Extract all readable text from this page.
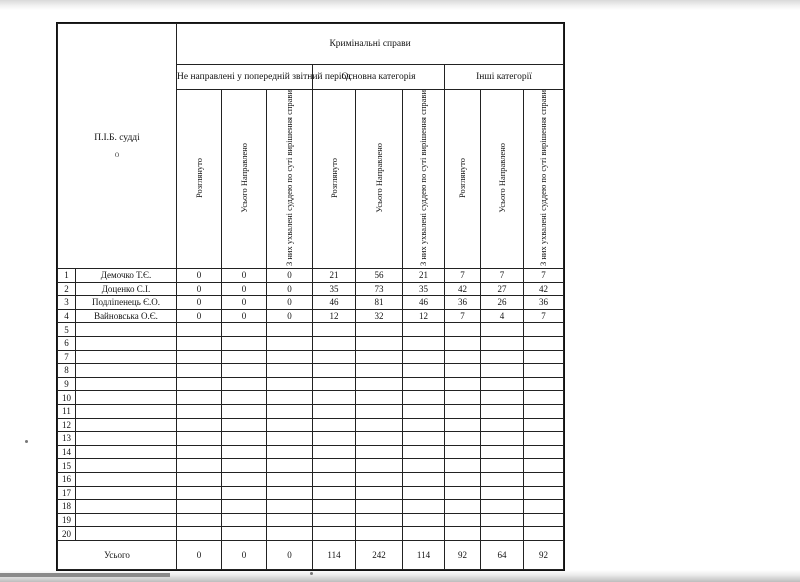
П.І.Б. судді
о		Кримінальні справи								
		Не направлені у попередній звітний період			Основна категорія			Інші категорії		
		Розглянуто	Усього Направлено	З них ухвалені суддею по суті вирішення справи	Розглянуто	Усього Направлено	З них ухвалені суддею по суті вирішення справи	Розглянуто	Усього Направлено	З них ухвалені суддею по суті вирішення справи
1	Демочко Т.Є.	0	0	0	21	56	21	7	7	7
2	Доценко С.І.	0	0	0	35	73	35	42	27	42
3	Подліпенець Є.О.	0	0	0	46	81	46	36	26	36
4	Вайновська О.Є.	0	0	0	12	32	12	7	4	7
5										
6										
7										
8										
9										
10										
11										
12										
13										
14										
15										
16										
17										
18										
19										
20										
Усього		0	0	0	114	242	114	92	64	92
